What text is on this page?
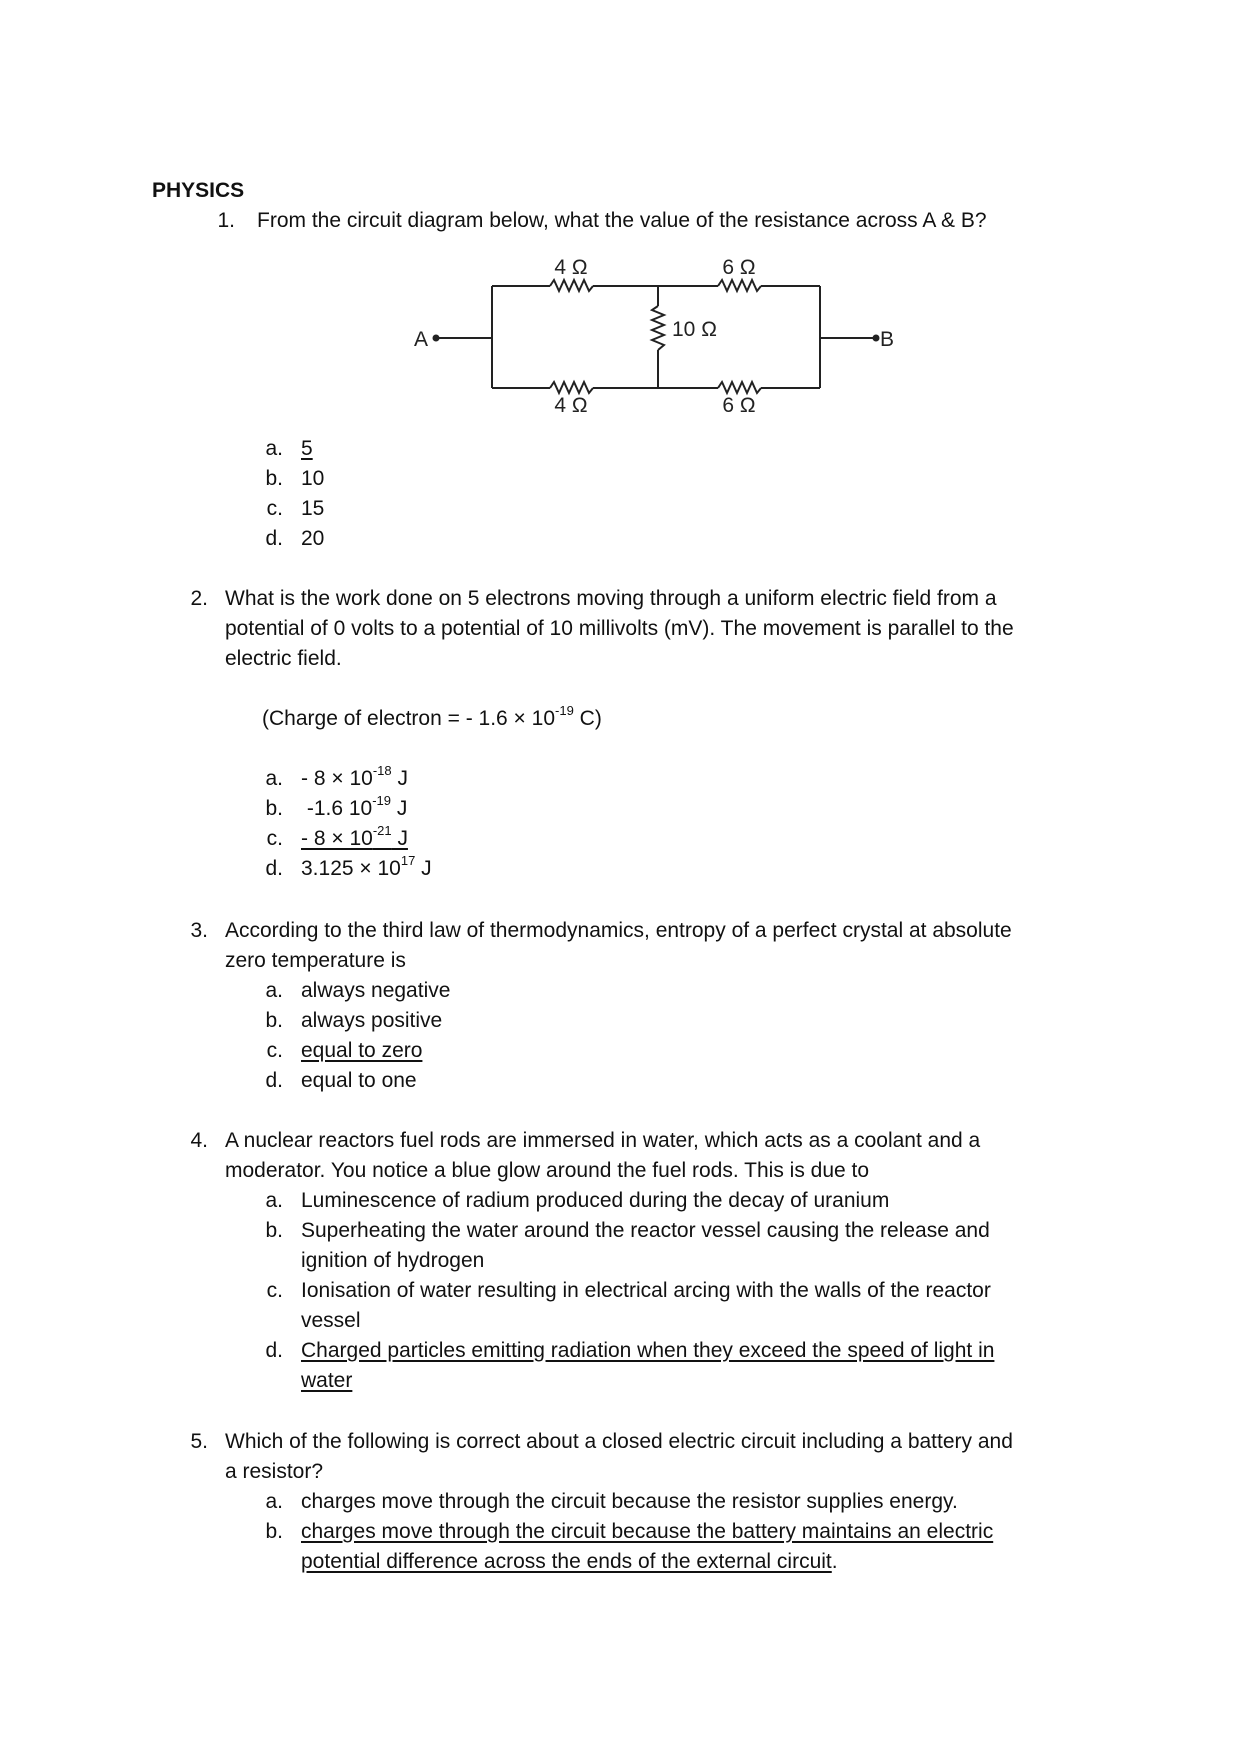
PHYSICS
1. From the circuit diagram below, what the value of the resistance across A & B?
A	B
4 Ω	6 Ω
10 Ω
4 Ω	6 Ω
a. 5
b. 10
c. 15
d. 20
2. What is the work done on 5 electrons moving through a uniform electric field from a
potential of 0 volts to a potential of 10 millivolts (mV). The movement is parallel to the
electric field.
(Charge of electron = - $1.6 \times 10^{-19}$ C)
a. - $8 \times 10^{-18}$ J
b. -1.6 $10^{-19}$ J
c. - $8 \times 10^{-21}$ J
d. $3.125 \times 10^{17}$ J
3. According to the third law of thermodynamics, entropy of a perfect crystal at absolute
zero temperature is
a. always negative
b. always positive
c. equal to zero
d. equal to one
4. A nuclear reactors fuel rods are immersed in water, which acts as a coolant and a
moderator. You notice a blue glow around the fuel rods. This is due to
a. Luminescence of radium produced during the decay of uranium
b. Superheating the water around the reactor vessel causing the release and
ignition of hydrogen
c. Ionisation of water resulting in electrical arcing with the walls of the reactor
vessel
d. Charged particles emitting radiation when they exceed the speed of light in
water
5. Which of the following is correct about a closed electric circuit including a battery and
a resistor?
a. charges move through the circuit because the resistor supplies energy.
b. charges move through the circuit because the battery maintains an electric
potential difference across the ends of the external circuit.
